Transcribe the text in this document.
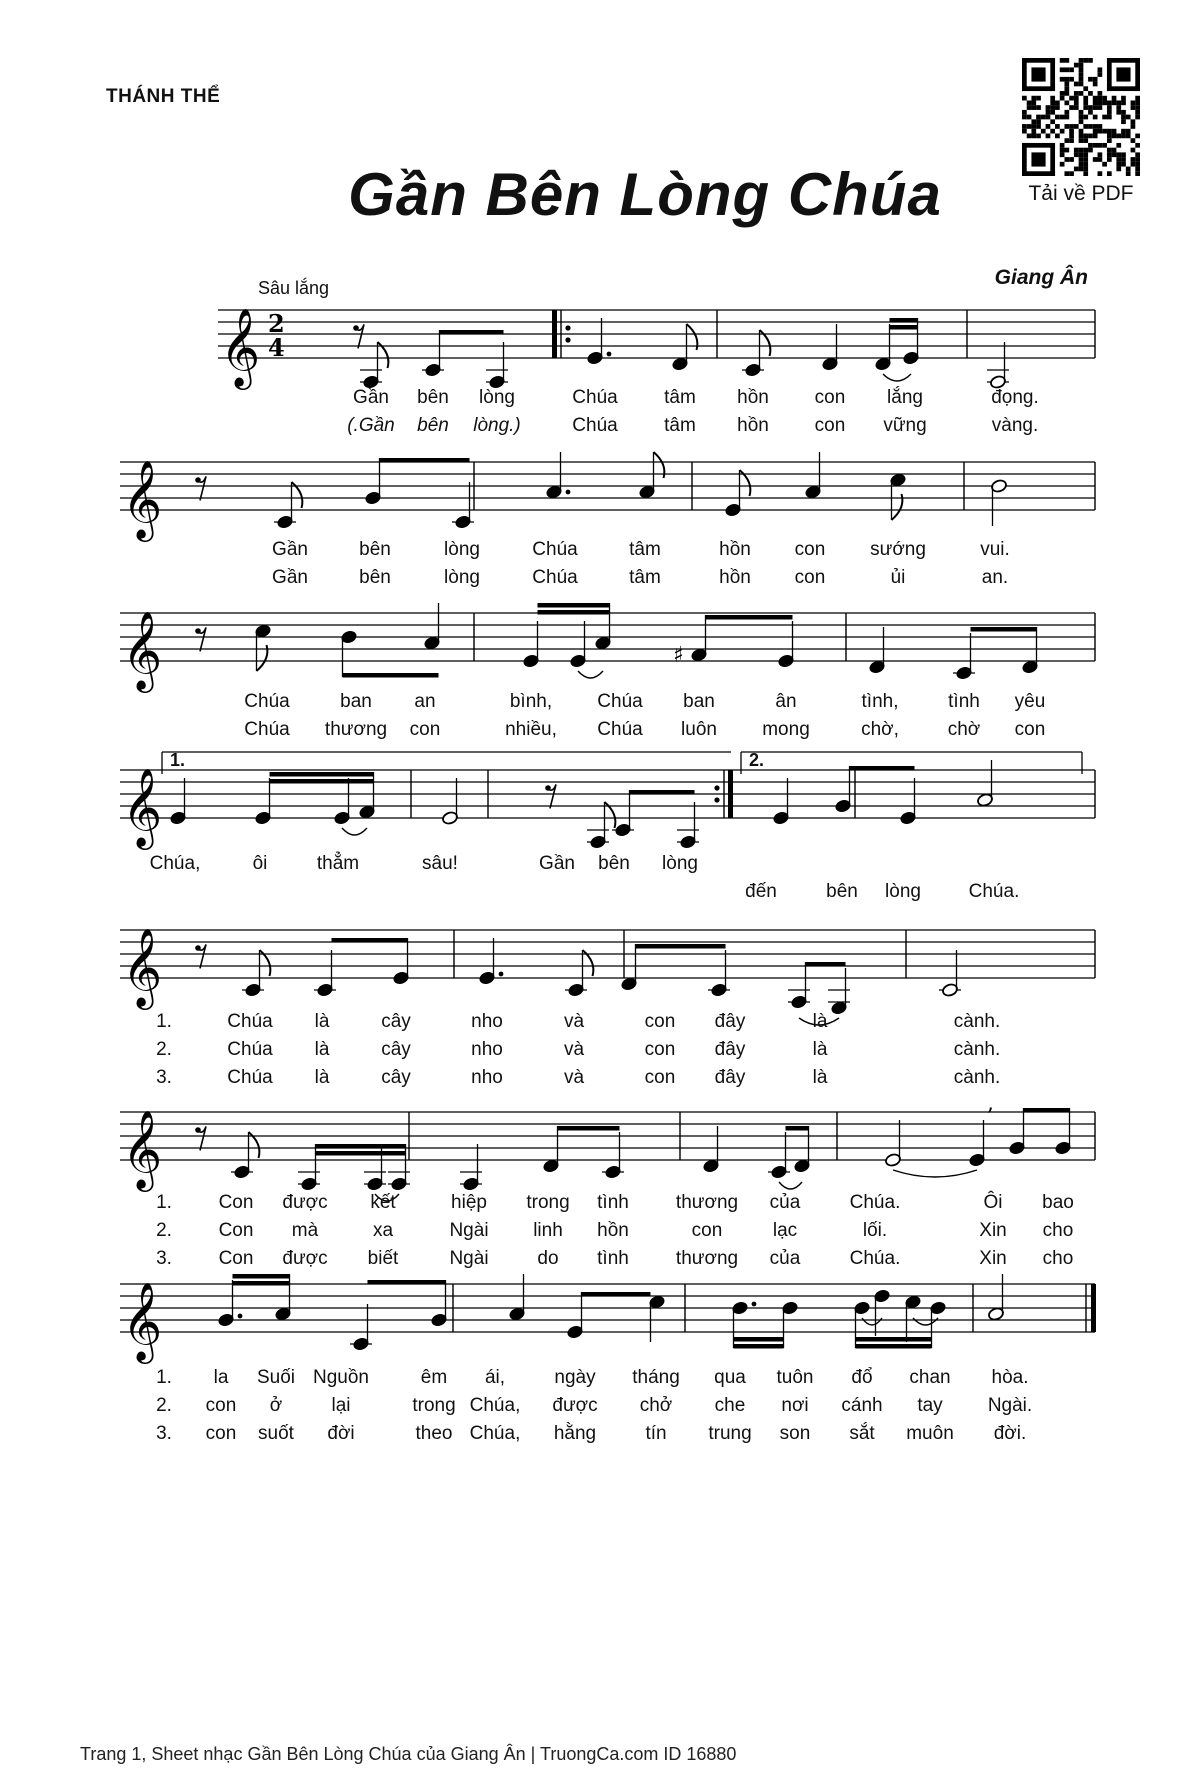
THÁNH THỂ
Gần Bên Lòng Chúa	Tải về PDF
Giang Ân
Sâu lắng
𝄞 2
4
Gần bên lòng	Chúa tâm hồn con lắng	đọng.
(.Gần bên lòng.)	Chúa tâm hồn con vững	vàng.
𝄞
Gần	bên	lòng	Chúa	tâm	hồn con sướng	vui.
Gần	bên	lòng	Chúa	tâm	hồn con	ủi	an.
𝄞	♯
Chúa	ban an	bình, Chúa ban	ân	tình,	tình yêu
Chúa thương con	nhiều, Chúa luôn mong	chờ,	chờ con
𝄞
1.	2.
Chúa,	ôi	thẳm	sâu!	Gần bên lòng
đến	bên lòng	Chúa.
𝄞
1.	Chúa là	cây	nho	và	con đây	là	cành.
2.	Chúa là	cây	nho	và	con đây	là	cành.
3.	Chúa là	cây	nho	và	con đây	là	cành.
𝄞
,
1. Con được kết	hiệp trong tình thương của	Chúa.	Ôi bao
2. Con mà	xa	Ngài linh hồn	con	lạc	lối.	Xin cho
3. Con được biết	Ngài	do tình thương của	Chúa.	Xin cho
𝄞
1. la Suối Nguồn	êm ái,	ngày tháng qua tuôn đổ chan hòa.
2. con ở	lại	trong Chúa, được chở che nơi cánh tay Ngài.
3. con suốt đời	theo Chúa, hằng	tín trung son sắt muôn đời.
Trang 1, Sheet nhạc Gần Bên Lòng Chúa của Giang Ân | TruongCa.com ID 16880
